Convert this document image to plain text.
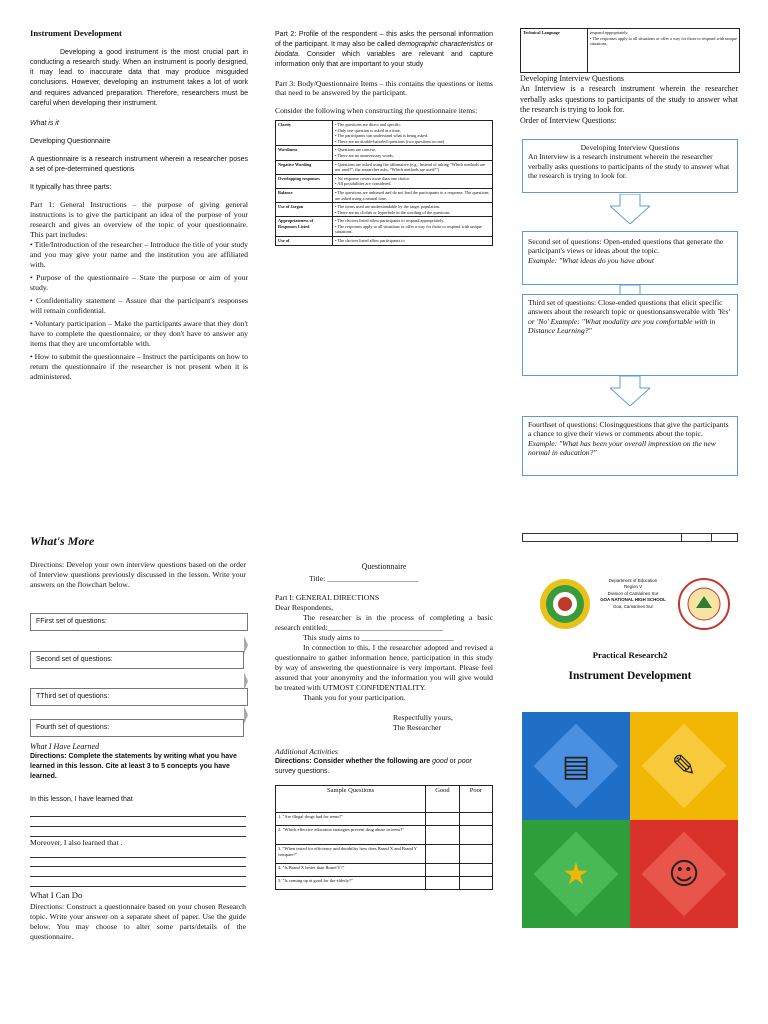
Instrument Development

Developing a good instrument is the most crucial part in conducting a research study. When an instrument is poorly designed, it may lead to inaccurate data that may produce misguided conclusions. However, developing an instrument takes a lot of work and requires advanced preparation. Therefore, researchers must be careful when developing their instrument.

What is it

Developing Questionnaire

A questionnaire is a research instrument wherein a researcher poses a set of pre-determined questions

It typically has three parts:

Part 1: General Instructions – the purpose of giving general instructions is to give the participant an idea of the purpose of your research and gives an overview of the topic of your questionnaire. This part includes:

• Title/Introduction of the researcher – Introduce the title of your study and you may give your name and the institution you are affiliated with.

• Purpose of the questionnaire – State the purpose or aim of your study.

• Confidentiality statement – Assure that the participant's responses will remain confidential.

• Voluntary participation – Make the participants aware that they don't have to complete the questionnaire, or they don't have to answer any items that they are uncomfortable with.

• How to submit the questionnaire – Instruct the participants on how to return the questionnaire if the researcher is not present when it is administered.

Part 2: Profile of the respondent – this asks the personal information of the participant. It may also be called demographic characteristics or biodata. Consider which variables are relevant and capture information only that are important to your study

Part 3: Body/Questionnaire Items – this contains the questions or items that need to be answered by the participant.

Consider the following when constructing the questionnaire items:

Clarity	• The questions are direct and specific.
• Only one question is asked at a time.
• The participants can understand what is being asked.
• There are no double-barreled questions (two questions in one).
Wordiness	• Questions are concise.
• There are no unnecessary words.
Negative Wording	• Questions are asked using the affirmative (e.g., Instead of asking "Which methods are not used?", the researcher asks, "Which methods are used?")
Overlapping responses	• No response covers more than one choice.
• All possibilities are considered.
Balance	• The questions are unbiased and do not lead the participants to a response. The questions are asked using a neutral tone.
Use of Jargon	• The terms used are understandable by the target population.
• There are no clichés or hyperbole in the wording of the questions
Appropriateness of Responses Listed	• The choices listed allow participants to respond appropriately.
• The responses apply to all situations or offer a way for those to respond with unique situations.
Use of	• The choices listed allow participants to
Technical Language	respond appropriately.
• The responses apply to all situations or offer a way for those to respond with unique situations.

Developing Interview Questions

An Interview is a research instrument wherein the researcher verbally asks questions to participants of the study to answer what the research is trying to look for.

Order of Interview Questions:

Developing Interview Questions
An Interview is a research instrument wherein the researcher verbally asks questions to participants of the study to answer what the research is trying to look for.
Second set of questions: Open-ended questions that generate the participant's views or ideas about the topic.
Example: "What ideas do you have about
Third set of questions: Close-ended questions that elicit specific answers about the research topic or questionsanswerable with 'Yes' or 'No' Example: "What modality are you comfortable with in Distance Learning?"
Fourthset of questions: Closingquestions that give the participants a chance to give their views or comments about the topic.
Example: "What has been your overall impression on the new normal in education?"
What's More

Directions: Develop your own interview questions based on the order of Interview questions previously discussed in the lesson. Write your answers on the flowchart below.

FFirst set of questions:
Second set of questions:
TThird set of questions:
Fourth set of questions:
What I Have Learned

Directions: Complete the statements by writing what you have learned in this lesson. Cite at least 3 to 5 concepts you have learned.

In this lesson, I have learned that

Moreover, I also learned that .

What I Can Do

Directions: Construct a questionnaire based on your chosen Research topic. Write your answer on a separate sheet of paper. Use the guide below. You may choose to alter some parts/details of the questionnaire.

Questionnaire
Title: ________________________

Part I: GENERAL DIRECTIONS

Dear Respondents,

The researcher is in the process of completing a basic research entitled:______________________________

This study aims to ________________________

In connection to this, I the researcher adopted and revised a questionnaire to gather information hence, participation in this study by way of answering the questionnaire is very important. Please feel assured that your anonymity and the information you will give would be treated with UTMOST CONFIDENTIALITY.

Thank you for your participation.

Respectfully yours,

The Researcher

Additional Activities

Directions: Consider whether the following are good or poor survey questions.

Sample Questions	Good	Poor
1. "Are illegal drugs bad for teens?"		
2. "Which effective education strategies prevent drug abuse in teens?"		
3. "When tested for efficiency and durability how does Brand X and Brand Y compare?"		
4. "Is Brand X better than Brand Y?"		
5. "Is coming up at good for the elderly?"		
Department of Education
Region V
Division of Camarines Sur
GOA NATIONAL HIGH SCHOOL
Goa, Camarines Sur
Practical Research2
Instrument Development
▤	✎
★	☺
